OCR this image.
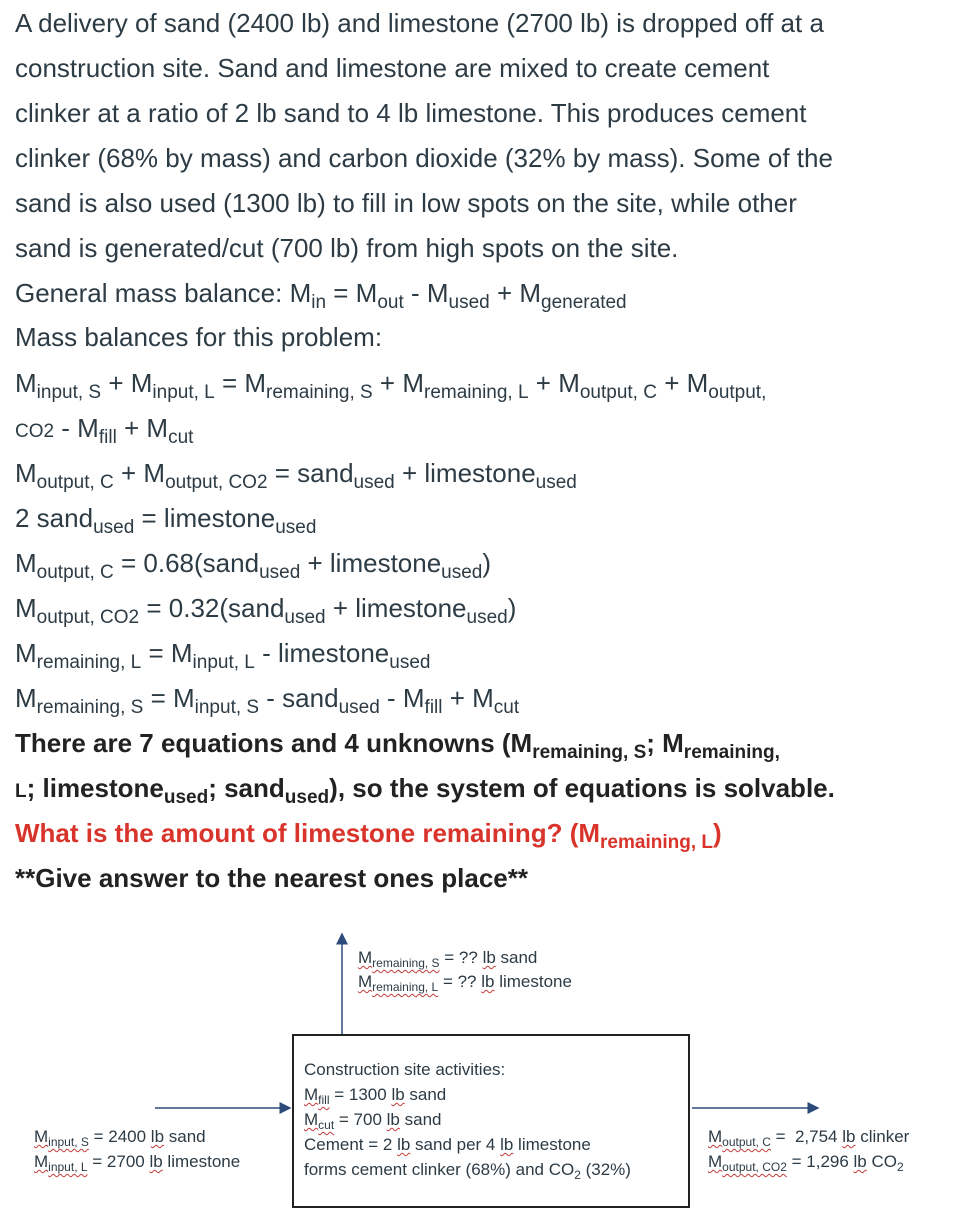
A delivery of sand (2400 lb) and limestone (2700 lb) is dropped off at a
construction site. Sand and limestone are mixed to create cement
clinker at a ratio of 2 lb sand to 4 lb limestone. This produces cement
clinker (68% by mass) and carbon dioxide (32% by mass). Some of the
sand is also used (1300 lb) to fill in low spots on the site, while other
sand is generated/cut (700 lb) from high spots on the site.
General mass balance: $M_{in} = M_{out} - M_{used} + M_{generated}$
Mass balances for this problem:
$M_{input, S} + M_{input, L} = M_{remaining, S} + M_{remaining, L} + M_{output, C} + M_{output,}$
$CO2 - M_{fill} + M_{cut}$
$M_{output, C} + M_{output, CO2}$ = sand$_{used}$ + limestone$_{used}$
2 sand$_{used}$ = limestone$_{used}$
$M_{output, C}$ = 0.68(sand$_{used}$ + limestone$_{used}$)
$M_{output, CO2}$ = 0.32(sand$_{used}$ + limestone$_{used}$)
$M_{remaining, L} = M_{input, L}$ - limestone$_{used}$
$M_{remaining, S} = M_{input, S}$ - sand$_{used}$ - $M_{fill} + M_{cut}$
There are 7 equations and 4 unknowns ($M_{remaining, S}$; $M_{remaining,}$
L; limestone$_{used}$; sand$_{used}$), so the system of equations is solvable.
What is the amount of limestone remaining? $(M_{remaining, L})$
**Give answer to the nearest ones place**
$M_{remaining, S}$ = ?? lb sand
$M_{remaining, L}$ = ?? lb limestone
$M_{input, S} = 2400$ lb sand
$M_{input, L} = 2700$ lb limestone
Construction site activities:
$M_{fill} = 1300$ lb sand
$M_{cut} = 700$ lb sand
Cement = 2 lb sand per 4 lb limestone
forms cement clinker (68%) and $CO_2$ (32%)
$M_{output, C} = 2,754$ lb clinker
$M_{output, CO2} = 1,296$ lb $CO_2$
